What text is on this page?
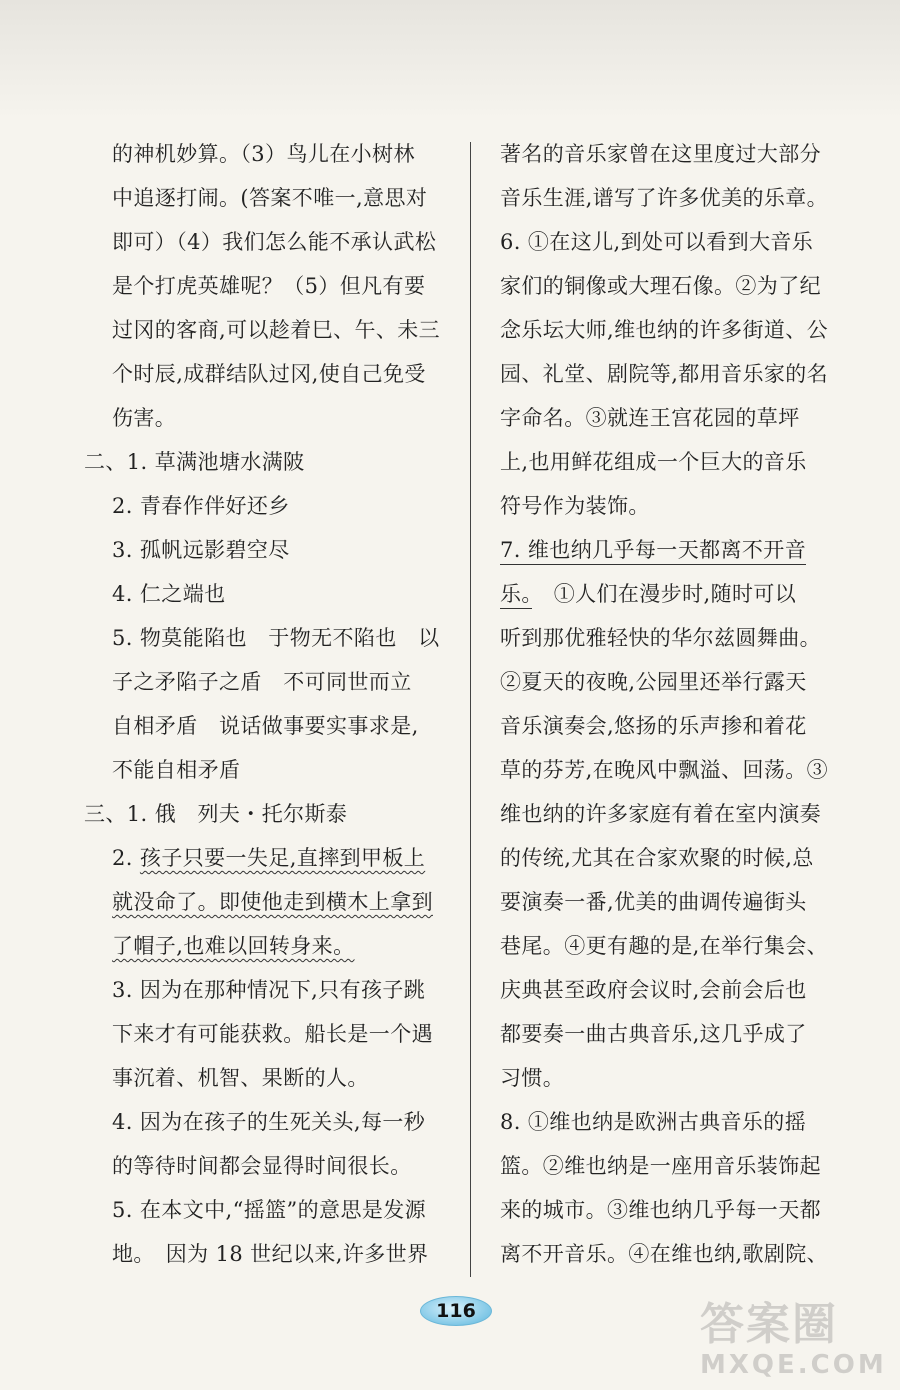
的神机妙算。（3）鸟儿在小树林
中追逐打闹。(答案不唯一,意思对
即可）（4）我们怎么能不承认武松
是个打虎英雄呢？（5）但凡有要
过冈的客商,可以趁着巳、午、未三
个时辰,成群结队过冈,使自己免受
伤害。
二、1. 草满池塘水满陂
2. 青春作伴好还乡
3. 孤帆远影碧空尽
4. 仁之端也
5. 物莫能陷也　于物无不陷也　以
子之矛陷子之盾　不可同世而立
自相矛盾　说话做事要实事求是,
不能自相矛盾
三、1. 俄　列夫・托尔斯泰
2. 孩子只要一失足,直摔到甲板上
就没命了。即使他走到横木上拿到
了帽子,也难以回转身来。
3. 因为在那种情况下,只有孩子跳
下来才有可能获救。船长是一个遇
事沉着、机智、果断的人。
4. 因为在孩子的生死关头,每一秒
的等待时间都会显得时间很长。
5. 在本文中,“摇篮”的意思是发源
地。　因为 18 世纪以来,许多世界
著名的音乐家曾在这里度过大部分
音乐生涯,谱写了许多优美的乐章。
6. ①在这儿,到处可以看到大音乐
家们的铜像或大理石像。②为了纪
念乐坛大师,维也纳的许多街道、公
园、礼堂、剧院等,都用音乐家的名
字命名。③就连王宫花园的草坪
上,也用鲜花组成一个巨大的音乐
符号作为装饰。
7. 维也纳几乎每一天都离不开音
乐。　①人们在漫步时,随时可以
听到那优雅轻快的华尔兹圆舞曲。
②夏天的夜晚,公园里还举行露天
音乐演奏会,悠扬的乐声掺和着花
草的芬芳,在晚风中飘溢、回荡。③
维也纳的许多家庭有着在室内演奏
的传统,尤其在合家欢聚的时候,总
要演奏一番,优美的曲调传遍街头
巷尾。④更有趣的是,在举行集会、
庆典甚至政府会议时,会前会后也
都要奏一曲古典音乐,这几乎成了
习惯。
8. ①维也纳是欧洲古典音乐的摇
篮。②维也纳是一座用音乐装饰起
来的城市。③维也纳几乎每一天都
离不开音乐。④在维也纳,歌剧院、
116	答案圈
MXQE.COM
